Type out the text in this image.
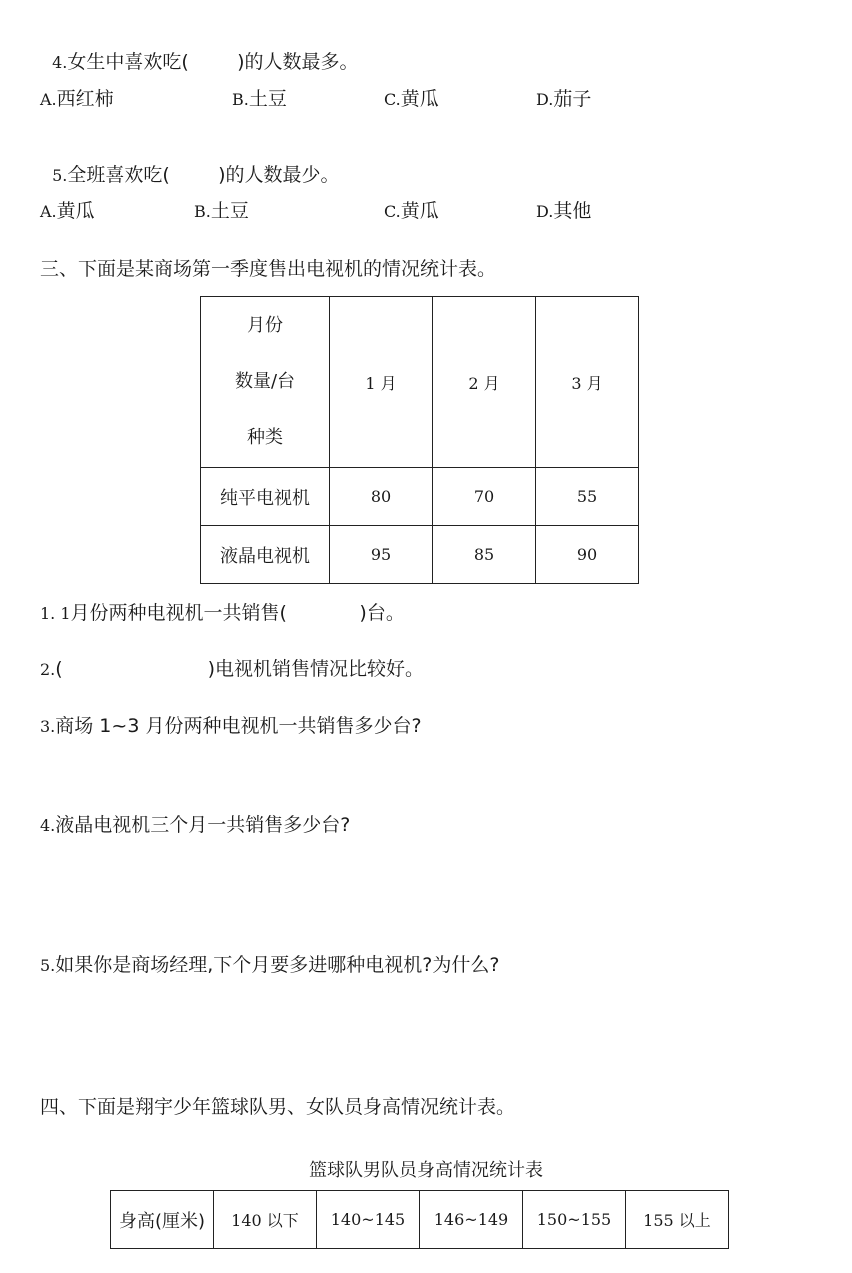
4.女生中喜欢吃(        )的人数最多。

A.西红柿	B.土豆	C.黄瓜	D.茄子

5.全班喜欢吃(        )的人数最少。

A.黄瓜	B.土豆	C.黄瓜	D.其他
三、下面是某商场第一季度售出电视机的情况统计表。
月份
数量/台
种类	1 月	2 月	3 月
纯平电视机	80	70	55
液晶电视机	95	85	90
1. 1月份两种电视机一共销售(            )台。
2.(                        )电视机销售情况比较好。
3.商场 1~3 月份两种电视机一共销售多少台?
4.液晶电视机三个月一共销售多少台?
5.如果你是商场经理,下个月要多进哪种电视机?为什么?
四、下面是翔宇少年篮球队男、女队员身高情况统计表。
篮球队男队员身高情况统计表
身高(厘米)	140 以下	140~145	146~149	150~155	155 以上
